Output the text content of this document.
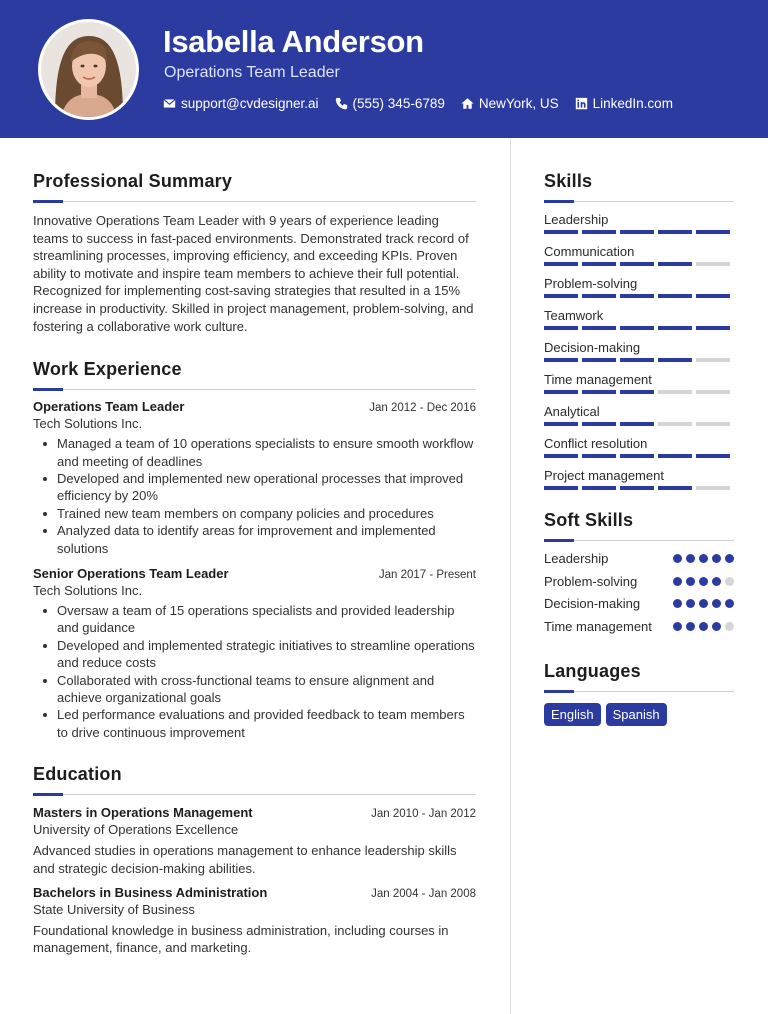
Isabella Anderson
Operations Team Leader
support@cvdesigner.ai	(555) 345-6789	NewYork, US	LinkedIn.com
Professional Summary

Innovative Operations Team Leader with 9 years of experience leading teams to success in fast-paced environments. Demonstrated track record of streamlining processes, improving efficiency, and exceeding KPIs. Proven ability to motivate and inspire team members to achieve their full potential. Recognized for implementing cost-saving strategies that resulted in a 15% increase in productivity. Skilled in project management, problem-solving, and fostering a collaborative work culture.

Work Experience
Operations Team Leader	Jan 2012 - Dec 2016
Tech Solutions Inc.
Managed a team of 10 operations specialists to ensure smooth workflow and meeting of deadlines
Developed and implemented new operational processes that improved efficiency by 20%
Trained new team members on company policies and procedures
Analyzed data to identify areas for improvement and implemented solutions
Senior Operations Team Leader	Jan 2017 - Present
Tech Solutions Inc.
Oversaw a team of 15 operations specialists and provided leadership and guidance
Developed and implemented strategic initiatives to streamline operations and reduce costs
Collaborated with cross-functional teams to ensure alignment and achieve organizational goals
Led performance evaluations and provided feedback to team members to drive continuous improvement
Education
Masters in Operations Management	Jan 2010 - Jan 2012
University of Operations Excellence

Advanced studies in operations management to enhance leadership skills and strategic decision-making abilities.

Bachelors in Business Administration	Jan 2004 - Jan 2008
State University of Business

Foundational knowledge in business administration, including courses in management, finance, and marketing.

Skills
Leadership
Communication
Problem-solving
Teamwork
Decision-making
Time management
Analytical
Conflict resolution
Project management
Soft Skills
Leadership
Problem-solving
Decision-making
Time management
Languages
English	Spanish
